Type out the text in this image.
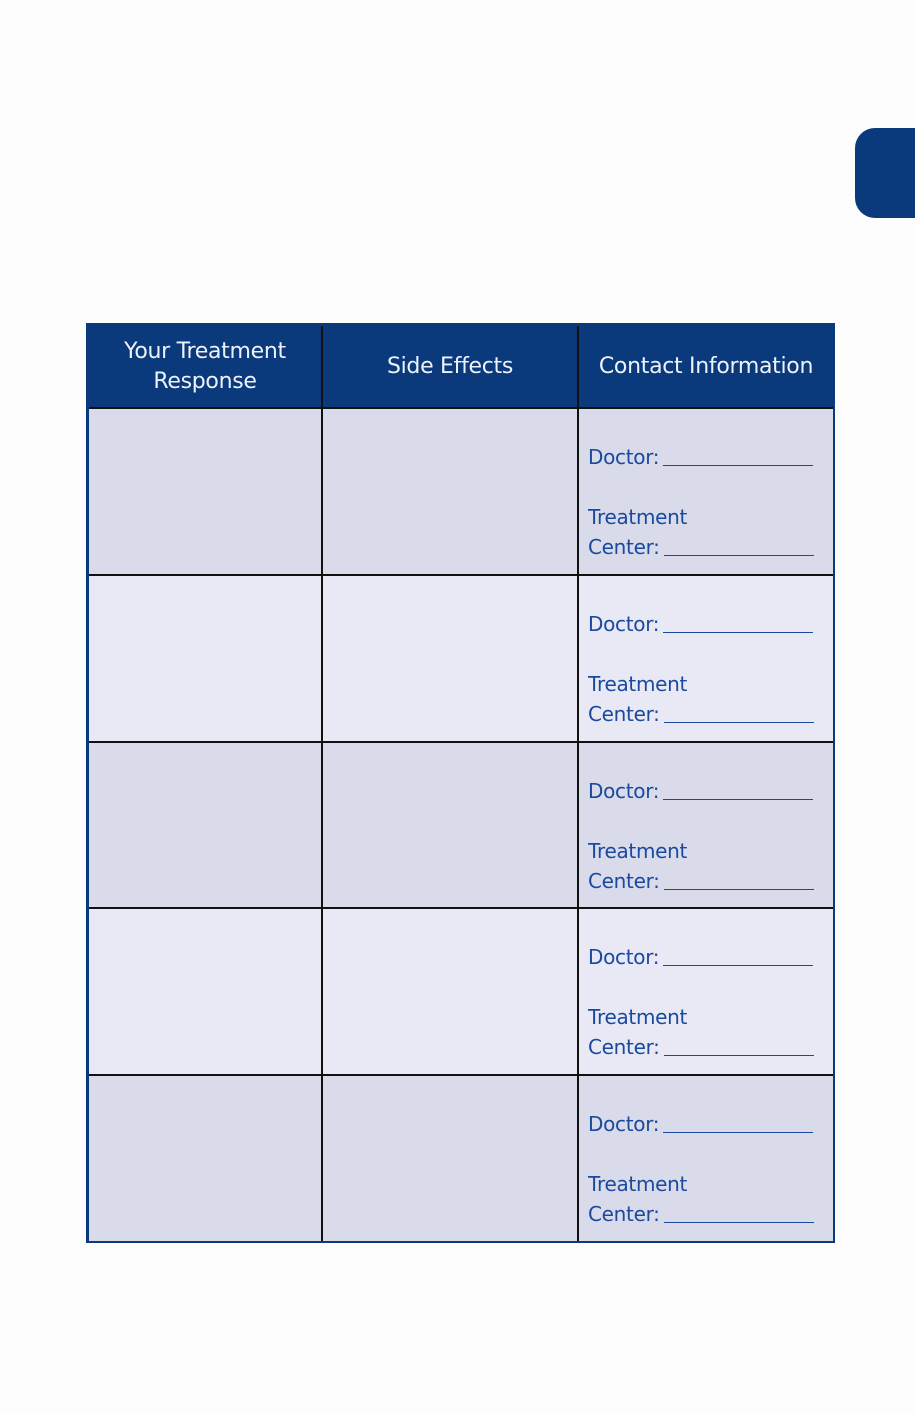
Your Treatment Response	Side Effects	Contact Information

		Doctor:
Treatment
Center:

		Doctor:
Treatment
Center:

		Doctor:
Treatment
Center:

		Doctor:
Treatment
Center:

		Doctor:
Treatment
Center:
